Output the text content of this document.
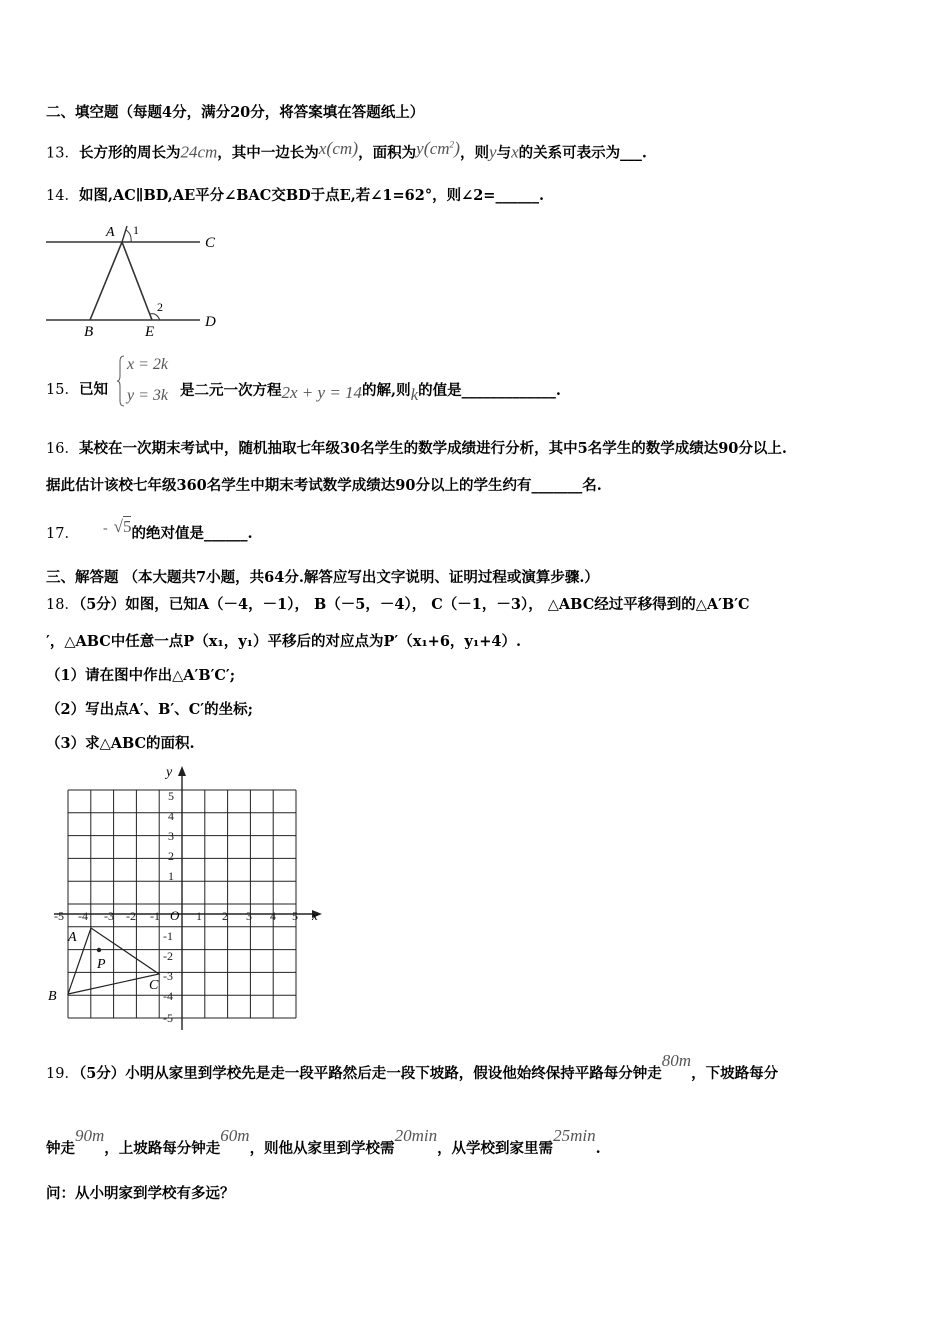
二、填空题（每题4分，满分20分，将答案填在答题纸上）
13．长方形的周长为24cm，其中一边长为x(cm)，面积为$y(cm^2)$，则y与x的关系可表示为___.
14．如图,AC∥BD,AE平分∠BAC交BD于点E,若∠1=62°，则∠2=______.
A 1
C
2
B	E
D
15．已知
x = 2k
y = 3k 是二元一次方程2x + y = 14的解,则k的值是_____________.
16．某校在一次期末考试中，随机抽取七年级30名学生的数学成绩进行分析，其中5名学生的数学成绩达90分以上.
据此估计该校七年级360名学生中期末考试数学成绩达90分以上的学生约有_______名.
17． - √5的绝对值是______.
三、解答题 （本大题共7小题，共64分.解答应写出文字说明、证明过程或演算步骤.）
18．（5分）如图，已知A（－4，－1）， B（－5，－4）， C（－1，－3）， △ABC经过平移得到的△A′B′C
′，△ABC中任意一点P（x₁，y₁）平移后的对应点为P′（x₁+6，y₁+4）.
（1）请在图中作出△A′B′C′;
（2）写出点A′、B′、C′的坐标;
（3）求△ABC的面积.
x
y
O
-5 -4 -3 -2 -1	1 2 3 4 5
5
4
3
2
1
-1
-2
-3
-4
-5
A
B
C
P
19．（5分）小明从家里到学校先是走一段平路然后走一段下坡路，假设他始终保持平路每分钟走80m，下坡路每分
钟走90m，上坡路每分钟走60m，则他从家里到学校需20min，从学校到家里需25min.
问：从小明家到学校有多远？
